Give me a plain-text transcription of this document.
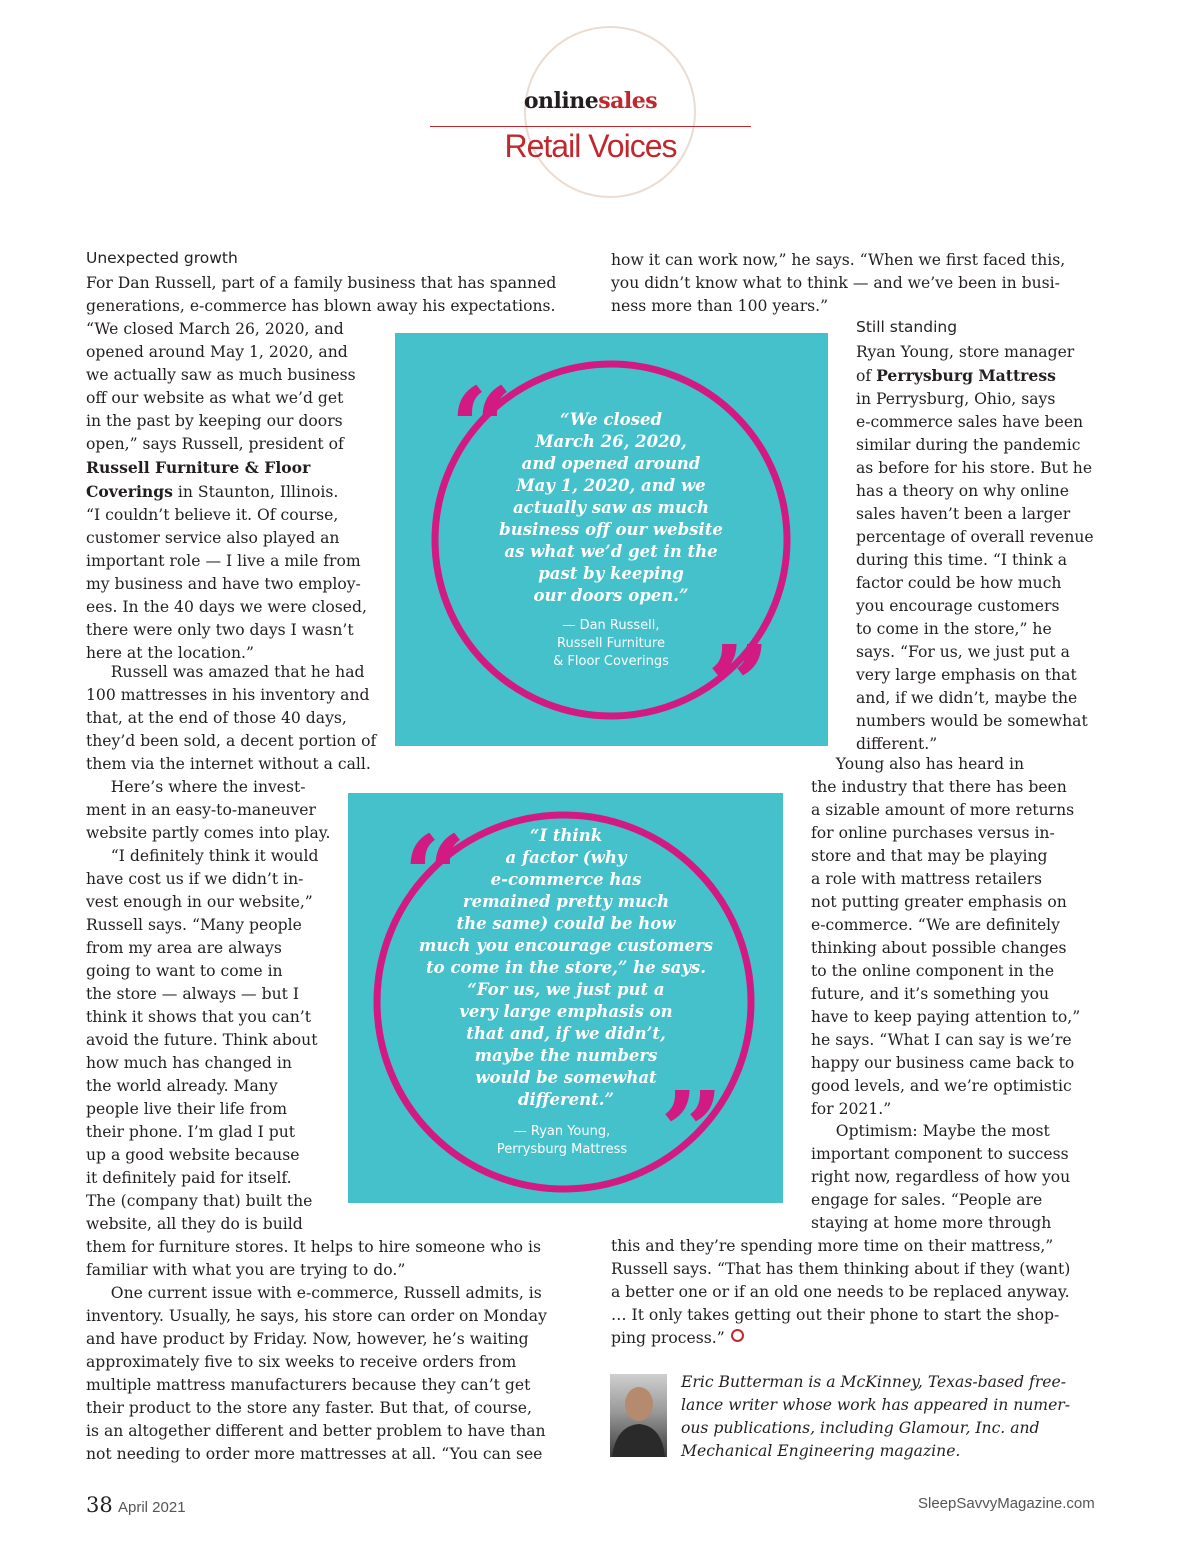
onlinesales
Retail Voices
Unexpected growth
For Dan Russell, part of a family business that has spanned
generations, e-commerce has blown away his expectations.
“We closed March 26, 2020, and
opened around May 1, 2020, and
we actually saw as much business
off our website as what we’d get
in the past by keeping our doors
open,” says Russell, president of
Russell Furniture & Floor
Coverings in Staunton, Illinois.
“I couldn’t believe it. Of course,
customer service also played an
important role — I live a mile from
my business and have two employ-
ees. In the 40 days we were closed,
there were only two days I wasn’t
here at the location.”
Russell was amazed that he had
100 mattresses in his inventory and
that, at the end of those 40 days,
they’d been sold, a decent portion of
them via the internet without a call.
Here’s where the invest-
ment in an easy-to-maneuver
website partly comes into play.
“I definitely think it would
have cost us if we didn’t in-
vest enough in our website,”
Russell says. “Many people
from my area are always
going to want to come in
the store — always — but I
think it shows that you can’t
avoid the future. Think about
how much has changed in
the world already. Many
people live their life from
their phone. I’m glad I put
up a good website because
it definitely paid for itself.
The (company that) built the
website, all they do is build
them for furniture stores. It helps to hire someone who is
familiar with what you are trying to do.”
One current issue with e-commerce, Russell admits, is
inventory. Usually, he says, his store can order on Monday
and have product by Friday. Now, however, he’s waiting
approximately five to six weeks to receive orders from
multiple mattress manufacturers because they can’t get
their product to the store any faster. But that, of course,
is an altogether different and better problem to have than
not needing to order more mattresses at all. “You can see
how it can work now,” he says. “When we first faced this,
you didn’t know what to think — and we’ve been in busi-
ness more than 100 years.”
Still standing
Ryan Young, store manager
of Perrysburg Mattress
in Perrysburg, Ohio, says
e-commerce sales have been
similar during the pandemic
as before for his store. But he
has a theory on why online
sales haven’t been a larger
percentage of overall revenue
during this time. “I think a
factor could be how much
you encourage customers
to come in the store,” he
says. “For us, we just put a
very large emphasis on that
and, if we didn’t, maybe the
numbers would be somewhat
different.”
Young also has heard in
the industry that there has been
a sizable amount of more returns
for online purchases versus in-
store and that may be playing
a role with mattress retailers
not putting greater emphasis on
e-commerce. “We are definitely
thinking about possible changes
to the online component in the
future, and it’s something you
have to keep paying attention to,”
he says. “What I can say is we’re
happy our business came back to
good levels, and we’re optimistic
for 2021.”
Optimism: Maybe the most
important component to success
right now, regardless of how you
engage for sales. “People are
staying at home more through
this and they’re spending more time on their mattress,”
Russell says. “That has them thinking about if they (want)
a better one or if an old one needs to be replaced anyway.
… It only takes getting out their phone to start the shop-
ping process.”
“
”
“We closed
March 26, 2020,
and opened around
May 1, 2020, and we
actually saw as much
business off our website
as what we’d get in the
past by keeping
our doors open.”
— Dan Russell,
Russell Furniture
& Floor Coverings
“
”
“I think
a factor (why
e-commerce has
remained pretty much
the same) could be how
much you encourage customers
to come in the store,” he says.
“For us, we just put a
very large emphasis on
that and, if we didn’t,
maybe the numbers
would be somewhat
different.”
— Ryan Young,
Perrysburg Mattress
Eric Butterman is a McKinney, Texas-based free-
lance writer whose work has appeared in numer-
ous publications, including Glamour, Inc. and
Mechanical Engineering magazine.
38 April 2021	SleepSavvyMagazine.com
